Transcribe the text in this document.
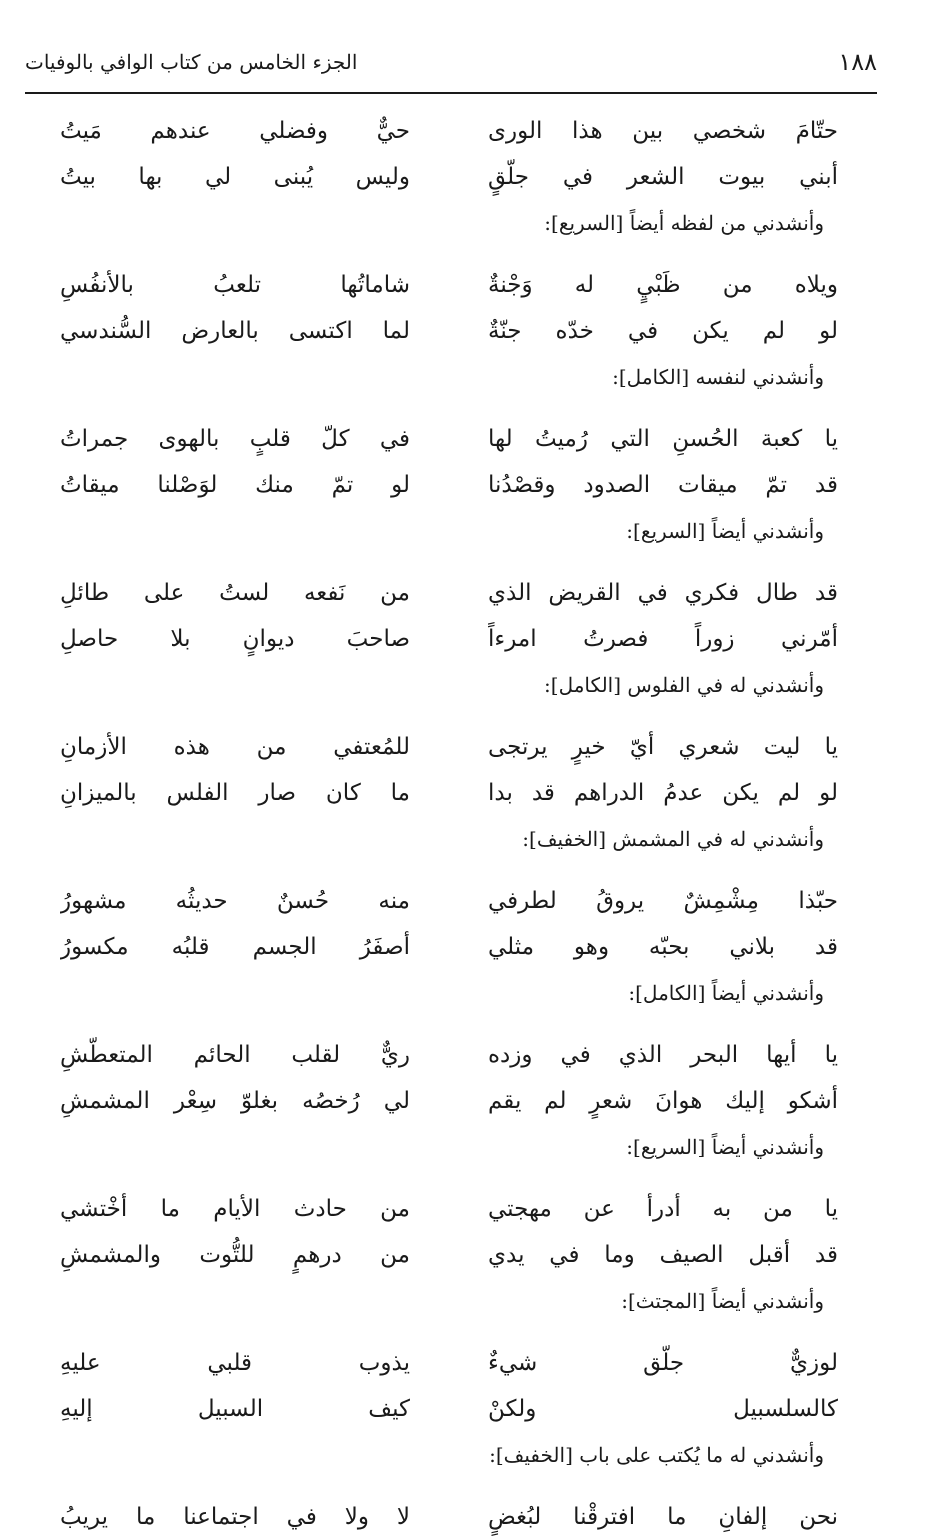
١٨٨
الجزء الخامس من كتاب الوافي بالوفيات
حتّامَ شخصي بين هذا الورى
حيٌّ وفضلي عندهم مَيتُ
أبني بيوت الشعر في جلّقٍ
وليس يُبنى لي بها بيتُ
وأنشدني من لفظه أيضاً [السريع]:
ويلاه من ظَبْيٍ له وَجْنةٌ
شاماتُها تلعبُ بالأنفُسِ
لو لم يكن في خدّه جنّةٌ
لما اكتسى بالعارض السُّندسي
وأنشدني لنفسه [الكامل]:
يا كعبة الحُسنِ التي رُميتُ لها
في كلّ قلبٍ بالهوى جمراتُ
قد تمّ ميقات الصدود وقصْدُنا
لو تمّ منك لوَصْلنا ميقاتُ
وأنشدني أيضاً [السريع]:
قد طال فكري في القريض الذي
من نَفعه لستُ على طائلِ
أمّرني زوراً فصرتُ امرءاً
صاحبَ ديوانٍ بلا حاصلِ
وأنشدني له في الفلوس [الكامل]:
يا ليت شعري أيّ خيرٍ يرتجى
للمُعتفي من هذه الأزمانِ
لو لم يكن عدمُ الدراهم قد بدا
ما كان صار الفلس بالميزانِ
وأنشدني له في المشمش [الخفيف]:
حبّذا مِشْمِشٌ يروقُ لطرفي
منه حُسنٌ حديثُه مشهورُ
قد بلاني بحبّه وهو مثلي
أصفَرُ الجسم قلبُه مكسورُ
وأنشدني أيضاً [الكامل]:
يا أيها البحر الذي في وزده
ريٌّ لقلب الحائم المتعطّشِ
أشكو إليك هوانَ شعرٍ لم يقم
لي رُخصُه بغلوّ سِعْر المشمشِ
وأنشدني أيضاً [السريع]:
يا من به أدرأ عن مهجتي
من حادث الأيام ما أخْتشي
قد أقبل الصيف وما في يدي
من درهمٍ للتُّوت والمشمشِ
وأنشدني أيضاً [المجتث]:
لوزيٌّ جلّق شيءٌ
يذوب قلبي عليهِ
كالسلسبيل ولكنْ
كيف السبيل إليهِ
وأنشدني له ما يُكتب على باب [الخفيف]:
نحن إلفانِ ما افترقْنا لبُغضٍ
لا ولا في اجتماعنا ما يريبُ
